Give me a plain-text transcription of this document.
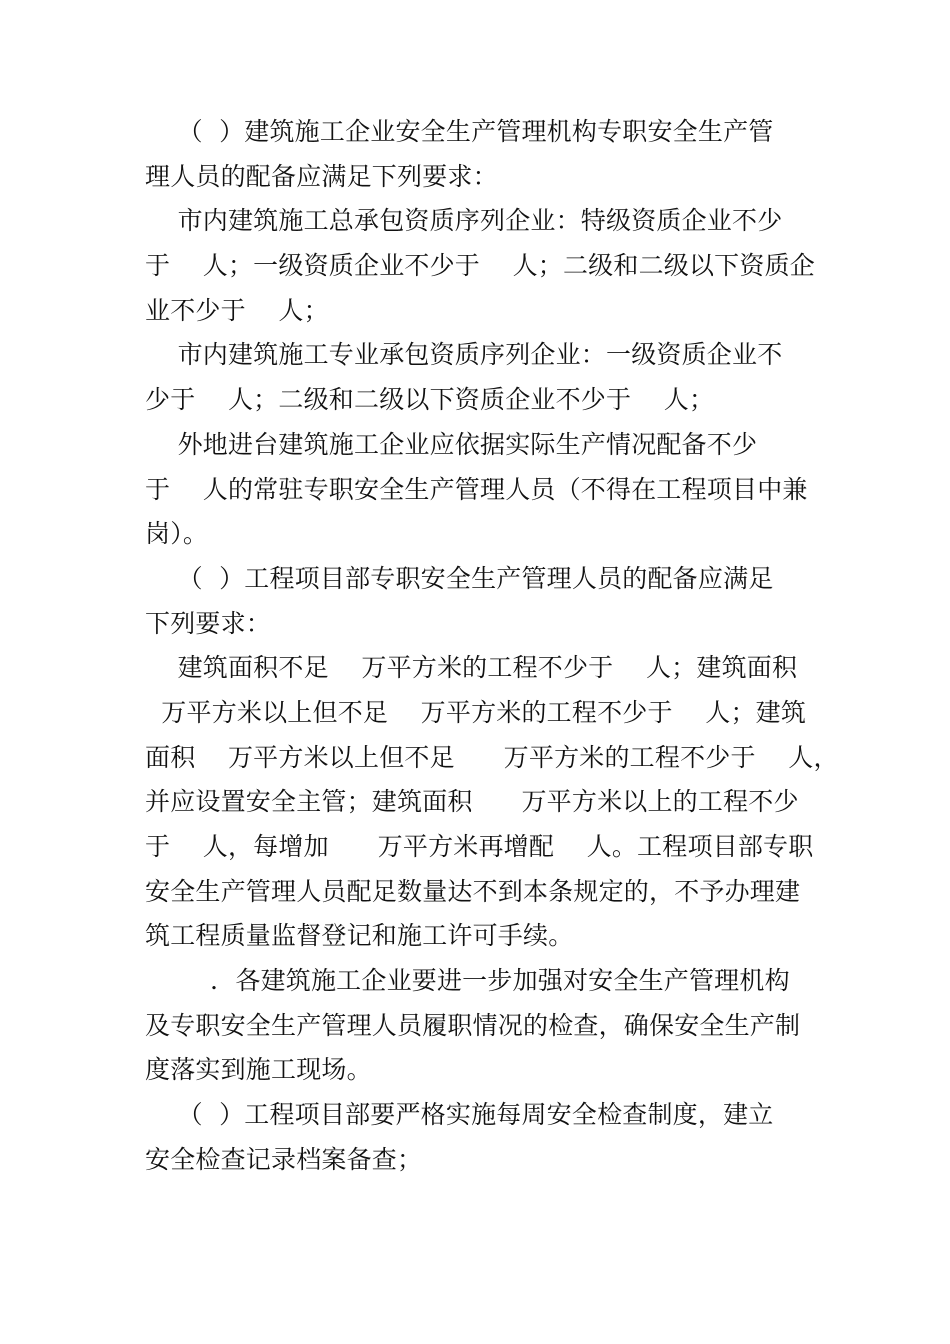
（  ）建筑施工企业安全生产管理机构专职安全生产管
理人员的配备应满足下列要求：
市内建筑施工总承包资质序列企业：特级资质企业不少
于    人；一级资质企业不少于    人；二级和二级以下资质企
业不少于    人；
市内建筑施工专业承包资质序列企业：一级资质企业不
少于    人；二级和二级以下资质企业不少于    人；
外地进台建筑施工企业应依据实际生产情况配备不少
于    人的常驻专职安全生产管理人员（不得在工程项目中兼
岗）。
（  ）工程项目部专职安全生产管理人员的配备应满足
下列要求：
建筑面积不足    万平方米的工程不少于    人；建筑面积
万平方米以上但不足    万平方米的工程不少于    人；建筑
面积    万平方米以上但不足      万平方米的工程不少于    人，
并应设置安全主管；建筑面积      万平方米以上的工程不少
于    人，每增加      万平方米再增配    人。工程项目部专职
安全生产管理人员配足数量达不到本条规定的，不予办理建
筑工程质量监督登记和施工许可手续。
．各建筑施工企业要进一步加强对安全生产管理机构
及专职安全生产管理人员履职情况的检查，确保安全生产制
度落实到施工现场。
（  ）工程项目部要严格实施每周安全检查制度，建立
安全检查记录档案备查；
